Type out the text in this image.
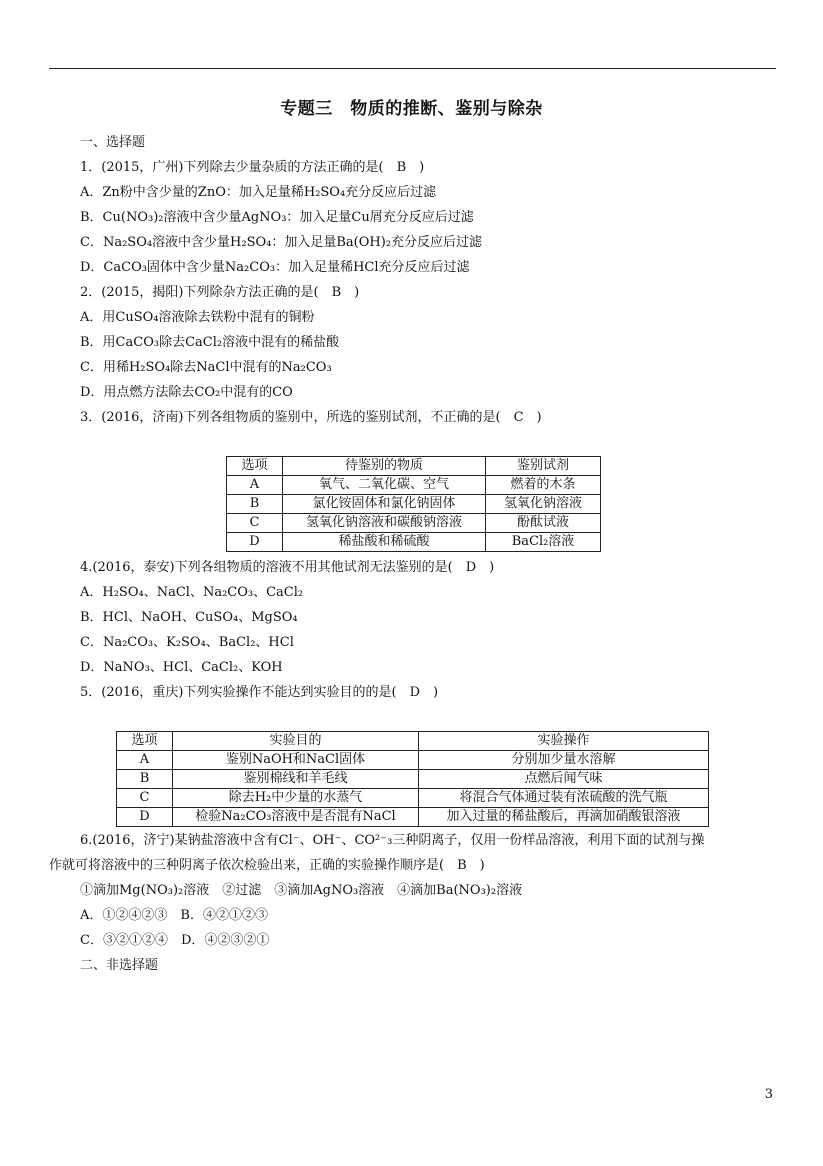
专题三　物质的推断、鉴别与除杂
一、选择题
1．(2015，广州)下列除去少量杂质的方法正确的是(　B　)
A．Zn粉中含少量的ZnO：加入足量稀H₂SO₄充分反应后过滤
B．Cu(NO₃)₂溶液中含少量AgNO₃：加入足量Cu屑充分反应后过滤
C．Na₂SO₄溶液中含少量H₂SO₄：加入足量Ba(OH)₂充分反应后过滤
D．CaCO₃固体中含少量Na₂CO₃：加入足量稀HCl充分反应后过滤
2．(2015，揭阳)下列除杂方法正确的是(　B　)
A．用CuSO₄溶液除去铁粉中混有的铜粉
B．用CaCO₃除去CaCl₂溶液中混有的稀盐酸
C．用稀H₂SO₄除去NaCl中混有的Na₂CO₃
D．用点燃方法除去CO₂中混有的CO
3．(2016，济南)下列各组物质的鉴别中，所选的鉴别试剂，不正确的是(　C　)
选项	待鉴别的物质	鉴别试剂
A	氧气、二氧化碳、空气	燃着的木条
B	氯化铵固体和氯化钠固体	氢氧化钠溶液
C	氢氧化钠溶液和碳酸钠溶液	酚酞试液
D	稀盐酸和稀硫酸	BaCl₂溶液
4.(2016，泰安)下列各组物质的溶液不用其他试剂无法鉴别的是(　D　)
A．H₂SO₄、NaCl、Na₂CO₃、CaCl₂
B．HCl、NaOH、CuSO₄、MgSO₄
C．Na₂CO₃、K₂SO₄、BaCl₂、HCl
D．NaNO₃、HCl、CaCl₂、KOH
5．(2016，重庆)下列实验操作不能达到实验目的的是(　D　)
选项	实验目的	实验操作
A	鉴别NaOH和NaCl固体	分别加少量水溶解
B	鉴别棉线和羊毛线	点燃后闻气味
C	除去H₂中少量的水蒸气	将混合气体通过装有浓硫酸的洗气瓶
D	检验Na₂CO₃溶液中是否混有NaCl	加入过量的稀盐酸后，再滴加硝酸银溶液
6.(2016，济宁)某钠盐溶液中含有Cl⁻、OH⁻、CO²⁻₃三种阴离子，仅用一份样品溶液，利用下面的试剂与操
作就可将溶液中的三种阴离子依次检验出来，正确的实验操作顺序是(　B　)
①滴加Mg(NO₃)₂溶液　②过滤　③滴加AgNO₃溶液　④滴加Ba(NO₃)₂溶液
A．①②④②③　B．④②①②③
C．③②①②④　D．④②③②①
二、非选择题
3
